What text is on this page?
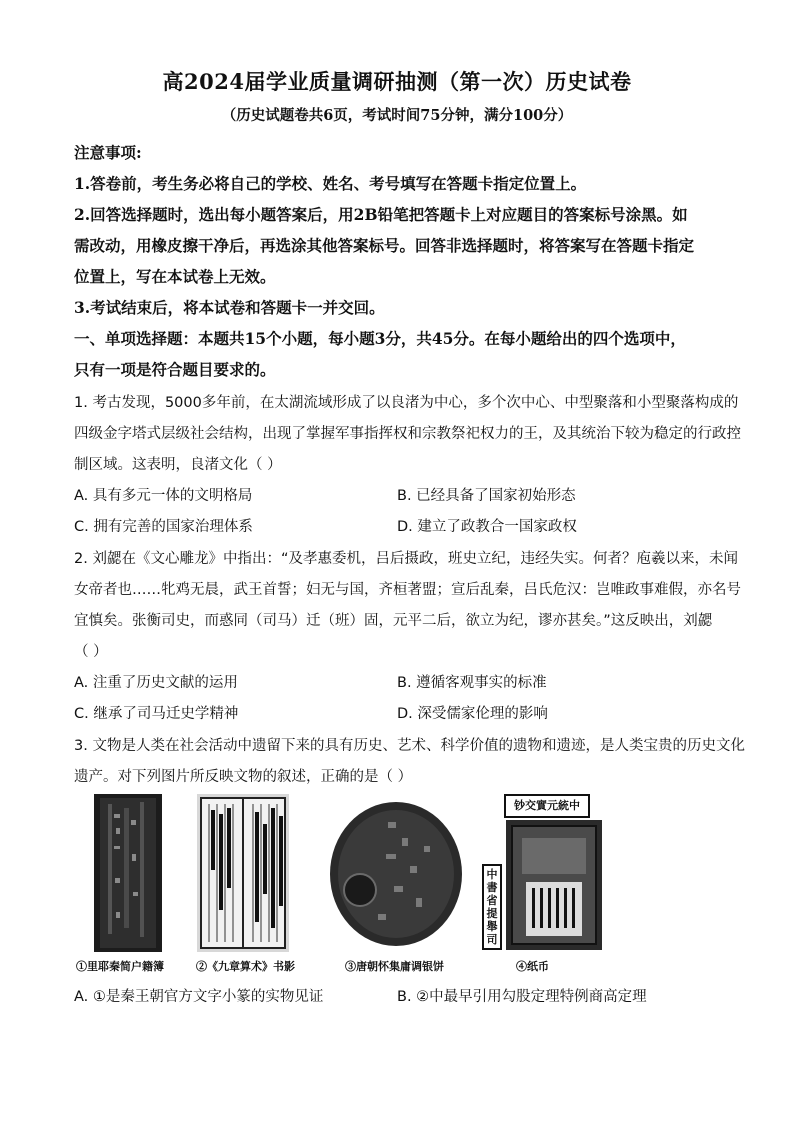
高2024届学业质量调研抽测（第一次）历史试卷
（历史试题卷共6页，考试时间75分钟，满分100分）
注意事项:
1.答卷前，考生务必将自己的学校、姓名、考号填写在答题卡指定位置上。
2.回答选择题时，选出每小题答案后，用2B铅笔把答题卡上对应题目的答案标号涂黑。如
需改动，用橡皮擦干净后，再选涂其他答案标号。回答非选择题时，将答案写在答题卡指定
位置上，写在本试卷上无效。
3.考试结束后，将本试卷和答题卡一并交回。
一、单项选择题：本题共15个小题，每小题3分，共45分。在每小题给出的四个选项中，
只有一项是符合题目要求的。
1. 考古发现，5000多年前，在太湖流域形成了以良渚为中心，多个次中心、中型聚落和小型聚落构成的
四级金字塔式层级社会结构，出现了掌握军事指挥权和宗教祭祀权力的王，及其统治下较为稳定的行政控
制区域。这表明，良渚文化（ ）
A. 具有多元一体的文明格局	B. 已经具备了国家初始形态
C. 拥有完善的国家治理体系	D. 建立了政教合一国家政权
2. 刘勰在《文心雕龙》中指出：“及孝惠委机，吕后摄政，班史立纪，违经失实。何者？庖羲以来，未闻
女帝者也……牝鸡无晨，武王首誓；妇无与国，齐桓著盟；宣后乱秦，吕氏危汉：岂唯政事难假，亦名号
宜慎矣。张衡司史，而惑同（司马）迁（班）固，元平二后，欲立为纪，谬亦甚矣。”这反映出，刘勰
（ ）
A. 注重了历史文献的运用	B. 遵循客观事实的标准
C. 继承了司马迁史学精神	D. 深受儒家伦理的影响
3. 文物是人类在社会活动中遗留下来的具有历史、艺术、科学价值的遗物和遗迹，是人类宝贵的历史文化
遗产。对下列图片所反映文物的叙述，正确的是（ ）
钞交實元統中
中書省提舉司
①里耶秦简户籍簿	②《九章算术》书影	③唐朝怀集庸调银饼	④纸币
A. ①是秦王朝官方文字小篆的实物见证	B. ②中最早引用勾股定理特例商高定理
